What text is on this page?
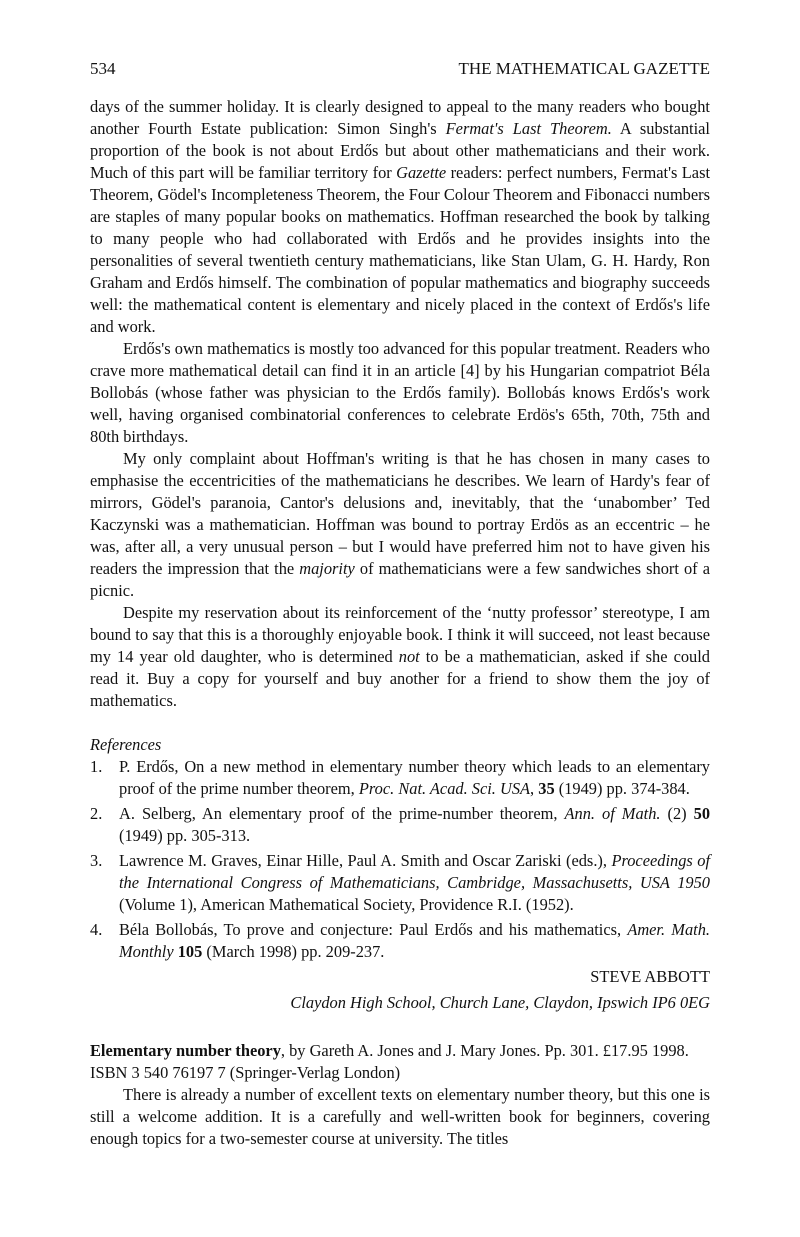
534	THE MATHEMATICAL GAZETTE

days of the summer holiday. It is clearly designed to appeal to the many readers who bought another Fourth Estate publication: Simon Singh's Fermat's Last Theorem. A substantial proportion of the book is not about Erdős but about other mathematicians and their work. Much of this part will be familiar territory for Gazette readers: perfect numbers, Fermat's Last Theorem, Gödel's Incompleteness Theorem, the Four Colour Theorem and Fibonacci numbers are staples of many popular books on mathematics. Hoffman researched the book by talking to many people who had collaborated with Erdős and he provides insights into the personalities of several twentieth century mathematicians, like Stan Ulam, G. H. Hardy, Ron Graham and Erdős himself. The combination of popular mathematics and biography succeeds well: the mathematical content is elementary and nicely placed in the context of Erdős's life and work.

Erdős's own mathematics is mostly too advanced for this popular treatment. Readers who crave more mathematical detail can find it in an article [4] by his Hungarian compatriot Béla Bollobás (whose father was physician to the Erdős family). Bollobás knows Erdős's work well, having organised combinatorial conferences to celebrate Erdös's 65th, 70th, 75th and 80th birthdays.

My only complaint about Hoffman's writing is that he has chosen in many cases to emphasise the eccentricities of the mathematicians he describes. We learn of Hardy's fear of mirrors, Gödel's paranoia, Cantor's delusions and, inevitably, that the ‘unabomber’ Ted Kaczynski was a mathematician. Hoffman was bound to portray Erdös as an eccentric – he was, after all, a very unusual person – but I would have preferred him not to have given his readers the impression that the majority of mathematicians were a few sandwiches short of a picnic.

Despite my reservation about its reinforcement of the ‘nutty professor’ stereotype, I am bound to say that this is a thoroughly enjoyable book. I think it will succeed, not least because my 14 year old daughter, who is determined not to be a mathematician, asked if she could read it. Buy a copy for yourself and buy another for a friend to show them the joy of mathematics.

References
1. P. Erdős, On a new method in elementary number theory which leads to an elementary proof of the prime number theorem, Proc. Nat. Acad. Sci. USA, 35 (1949) pp. 374-384.
2. A. Selberg, An elementary proof of the prime-number theorem, Ann. of Math. (2) 50 (1949) pp. 305-313.
3. Lawrence M. Graves, Einar Hille, Paul A. Smith and Oscar Zariski (eds.), Proceedings of the International Congress of Mathematicians, Cambridge, Massachusetts, USA 1950 (Volume 1), American Mathematical Society, Providence R.I. (1952).
4. Béla Bollobás, To prove and conjecture: Paul Erdős and his mathematics, Amer. Math. Monthly 105 (March 1998) pp. 209-237.
STEVE ABBOTT
Claydon High School, Church Lane, Claydon, Ipswich IP6 0EG
Elementary number theory, by Gareth A. Jones and J. Mary Jones. Pp. 301. £17.95 1998. ISBN 3 540 76197 7 (Springer-Verlag London)

There is already a number of excellent texts on elementary number theory, but this one is still a welcome addition. It is a carefully and well-written book for beginners, covering enough topics for a two-semester course at university. The titles
